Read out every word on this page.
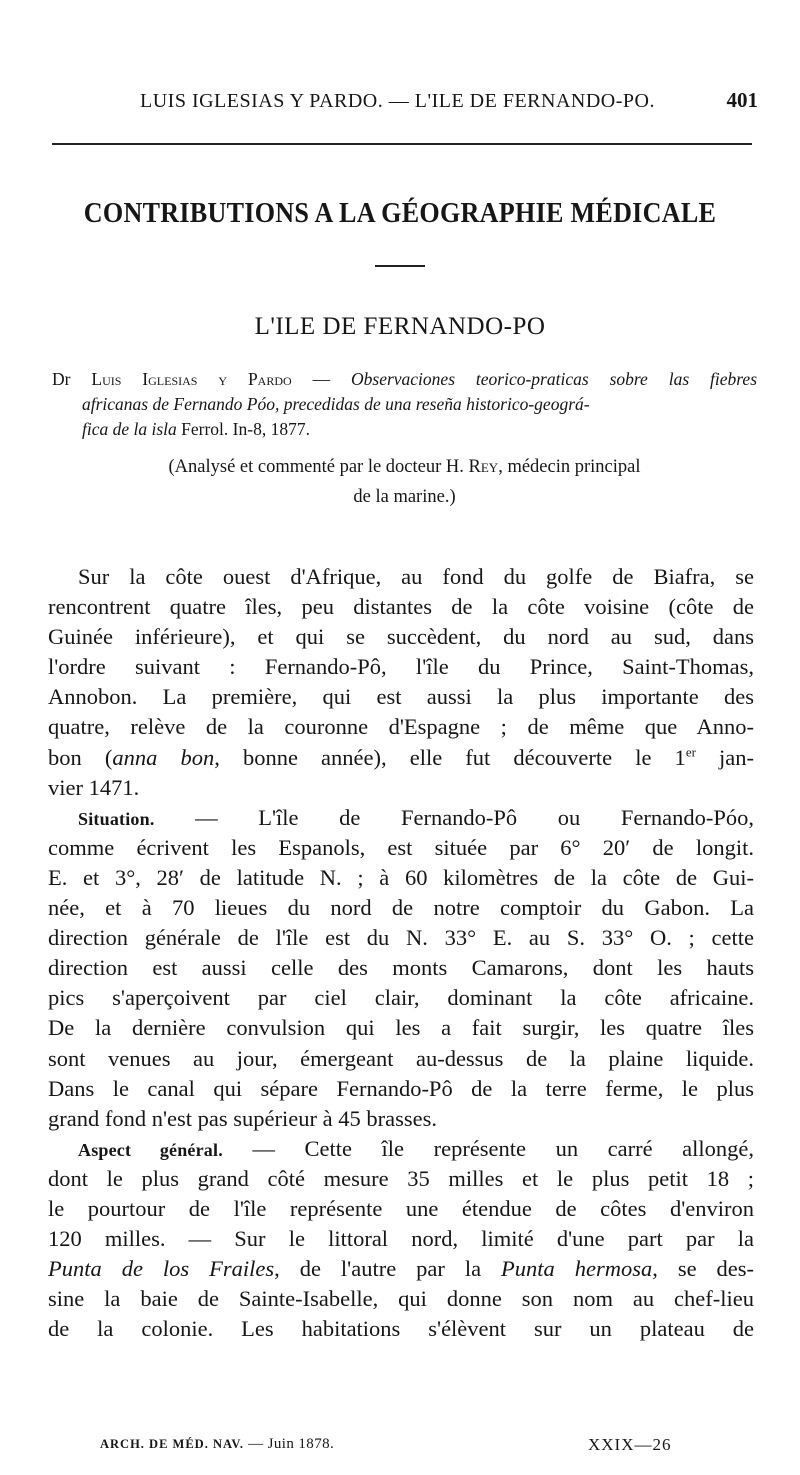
LUIS IGLESIAS Y PARDO. — L'ILE DE FERNANDO-PO.	401
CONTRIBUTIONS A LA GÉOGRAPHIE MÉDICALE
L'ILE DE FERNANDO-PO
Dr Luis Iglesias y Pardo — Observaciones teorico-praticas sobre las fiebres
africanas de Fernando Póo, precedidas de una reseña historico-geográ-
fica de la isla Ferrol. In-8, 1877.
(Analysé et commenté par le docteur H. Rey, médecin principal
de la marine.)
Sur la côte ouest d'Afrique, au fond du golfe de Biafra, se
rencontrent quatre îles, peu distantes de la côte voisine (côte de
Guinée inférieure), et qui se succèdent, du nord au sud, dans
l'ordre suivant : Fernando-Pô, l'île du Prince, Saint-Thomas,
Annobon. La première, qui est aussi la plus importante des
quatre, relève de la couronne d'Espagne ; de même que Anno-
bon (anna bon, bonne année), elle fut découverte le 1er jan-
vier 1471.
Situation. — L'île de Fernando-Pô ou Fernando-Póo,
comme écrivent les Espanols, est située par 6° 20′ de longit.
E. et 3°, 28′ de latitude N. ; à 60 kilomètres de la côte de Gui-
née, et à 70 lieues du nord de notre comptoir du Gabon. La
direction générale de l'île est du N. 33° E. au S. 33° O. ; cette
direction est aussi celle des monts Camarons, dont les hauts
pics s'aperçoivent par ciel clair, dominant la côte africaine.
De la dernière convulsion qui les a fait surgir, les quatre îles
sont venues au jour, émergeant au-dessus de la plaine liquide.
Dans le canal qui sépare Fernando-Pô de la terre ferme, le plus
grand fond n'est pas supérieur à 45 brasses.
Aspect général. — Cette île représente un carré allongé,
dont le plus grand côté mesure 35 milles et le plus petit 18 ;
le pourtour de l'île représente une étendue de côtes d'environ
120 milles. — Sur le littoral nord, limité d'une part par la
Punta de los Frailes, de l'autre par la Punta hermosa, se des-
sine la baie de Sainte-Isabelle, qui donne son nom au chef-lieu
de la colonie. Les habitations s'élèvent sur un plateau de
ARCH. DE MÉD. NAV. — Juin 1878.	XXIX—26
